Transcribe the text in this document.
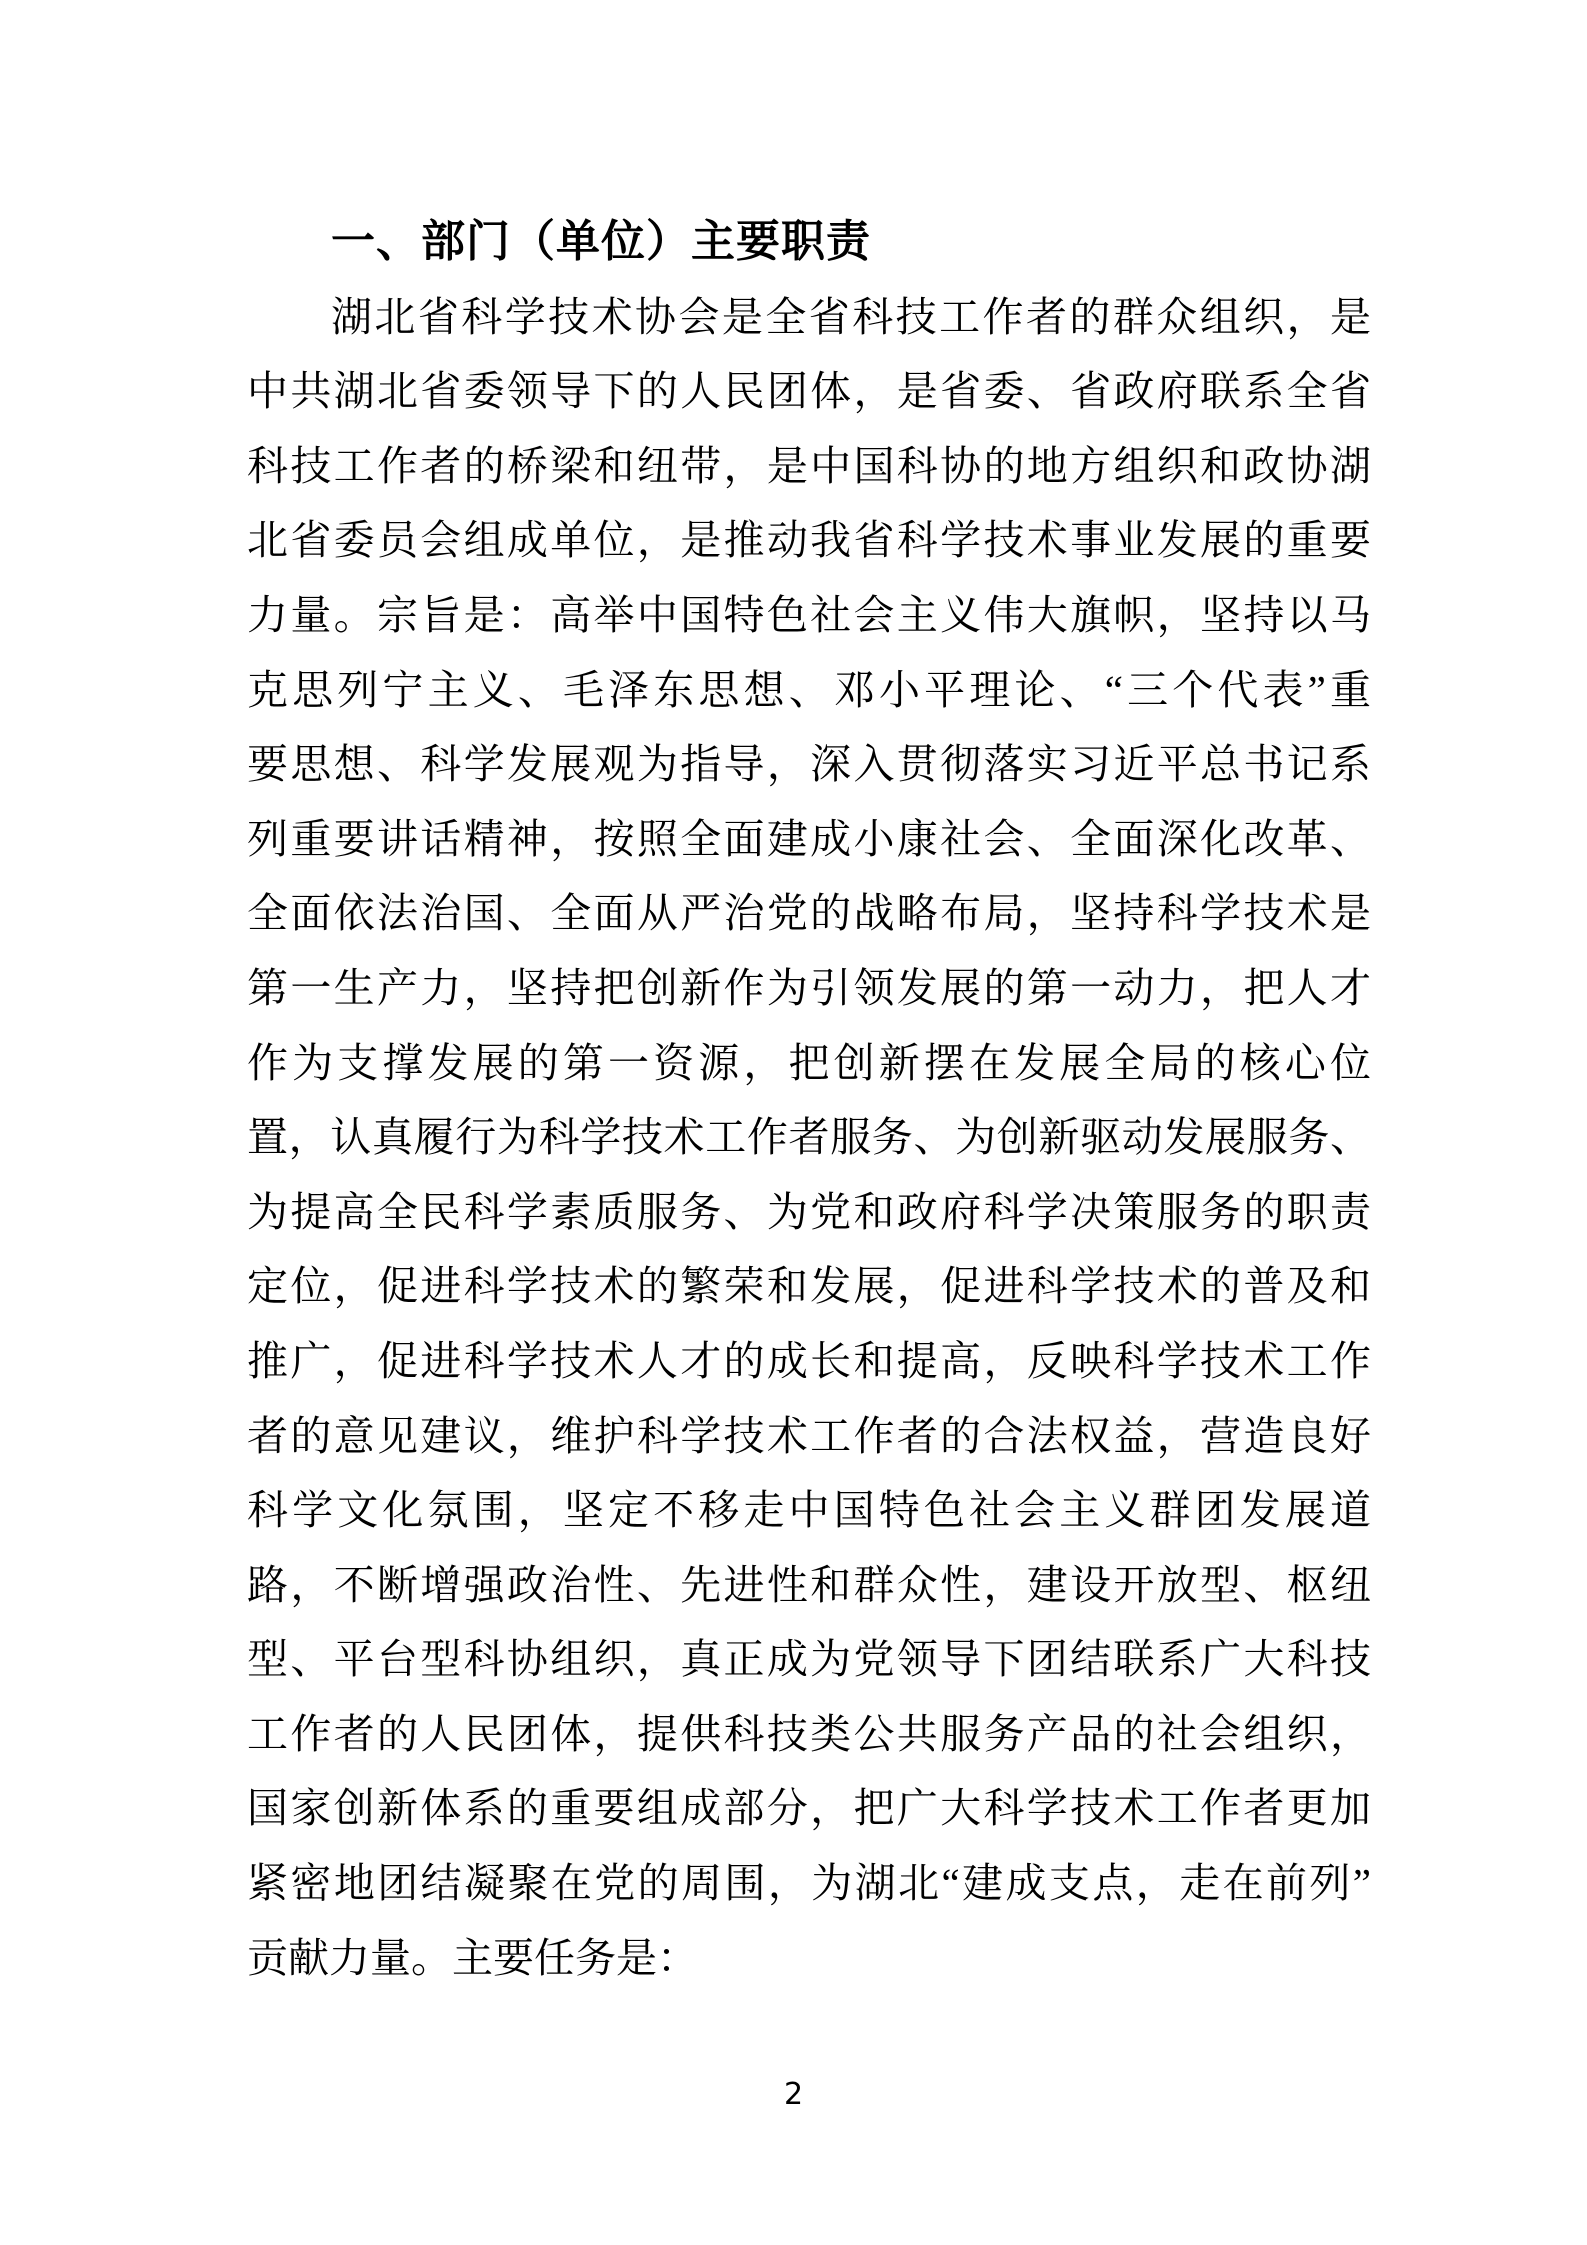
一、部门（单位）主要职责
湖北省科学技术协会是全省科技工作者的群众组织，是
中共湖北省委领导下的人民团体，是省委、省政府联系全省
科技工作者的桥梁和纽带，是中国科协的地方组织和政协湖
北省委员会组成单位，是推动我省科学技术事业发展的重要
力量。宗旨是：高举中国特色社会主义伟大旗帜，坚持以马
克思列宁主义、毛泽东思想、邓小平理论、“三个代表”重
要思想、科学发展观为指导，深入贯彻落实习近平总书记系
列重要讲话精神，按照全面建成小康社会、全面深化改革、
全面依法治国、全面从严治党的战略布局，坚持科学技术是
第一生产力，坚持把创新作为引领发展的第一动力，把人才
作为支撑发展的第一资源，把创新摆在发展全局的核心位
置，认真履行为科学技术工作者服务、为创新驱动发展服务、
为提高全民科学素质服务、为党和政府科学决策服务的职责
定位，促进科学技术的繁荣和发展，促进科学技术的普及和
推广，促进科学技术人才的成长和提高，反映科学技术工作
者的意见建议，维护科学技术工作者的合法权益，营造良好
科学文化氛围，坚定不移走中国特色社会主义群团发展道
路，不断增强政治性、先进性和群众性，建设开放型、枢纽
型、平台型科协组织，真正成为党领导下团结联系广大科技
工作者的人民团体，提供科技类公共服务产品的社会组织，
国家创新体系的重要组成部分，把广大科学技术工作者更加
紧密地团结凝聚在党的周围，为湖北“建成支点，走在前列”
贡献力量。主要任务是：
2
